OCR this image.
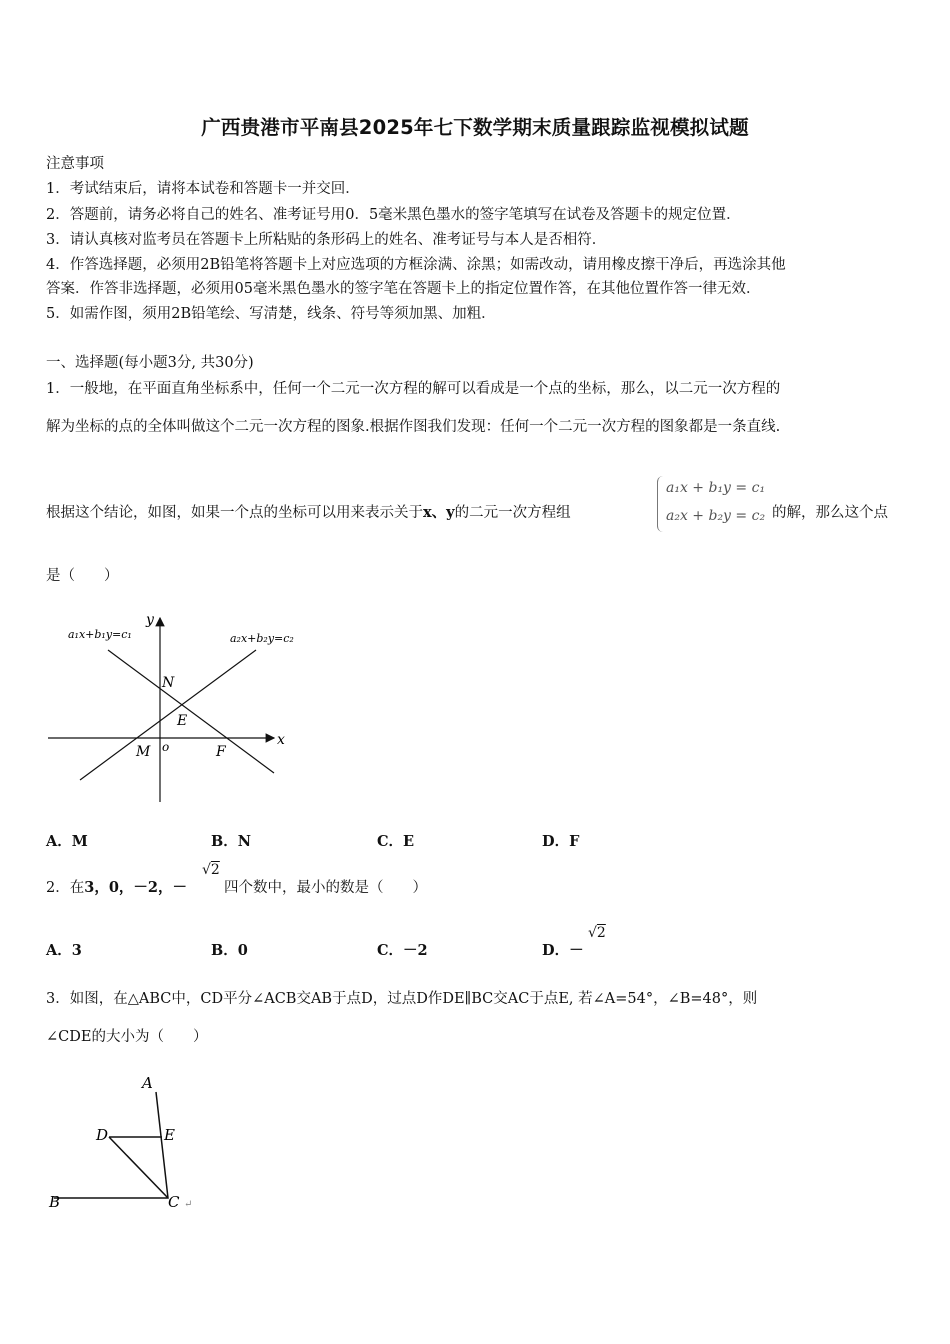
广西贵港市平南县2025年七下数学期末质量跟踪监视模拟试题
注意事项
1．考试结束后，请将本试卷和答题卡一并交回．
2．答题前，请务必将自己的姓名、准考证号用0．5毫米黑色墨水的签字笔填写在试卷及答题卡的规定位置．
3．请认真核对监考员在答题卡上所粘贴的条形码上的姓名、准考证号与本人是否相符．
4．作答选择题，必须用2B铅笔将答题卡上对应选项的方框涂满、涂黑；如需改动，请用橡皮擦干净后，再选涂其他
答案．作答非选择题，必须用05毫米黑色墨水的签字笔在答题卡上的指定位置作答，在其他位置作答一律无效．
5．如需作图，须用2B铅笔绘、写清楚，线条、符号等须加黑、加粗．
一、选择题(每小题3分, 共30分)
1．一般地，在平面直角坐标系中，任何一个二元一次方程的解可以看成是一个点的坐标，那么，以二元一次方程的
解为坐标的点的全体叫做这个二元一次方程的图象.根据作图我们发现：任何一个二元一次方程的图象都是一条直线.
根据这个结论，如图，如果一个点的坐标可以用来表示关于x、y的二元一次方程组
a₁x + b₁y = c₁
a₂x + b₂y = c₂ 的解，那么这个点
是（　　）
a₁x+b₁y=c₁	a₂x+b₂y=c₂
y
x
o
N
E
M	F
A．M	B．N	C．E	D．F
2．在3，0，－2，－
√2
四个数中，最小的数是（　　）
A．3	B．0	C．－2	D．－
√2
3．如图，在△ABC中，CD平分∠ACB交AB于点D，过点D作DE∥BC交AC于点E, 若∠A=54°，∠B=48°，则
∠CDE的大小为（　　）
A
D	E
B	C ↵
